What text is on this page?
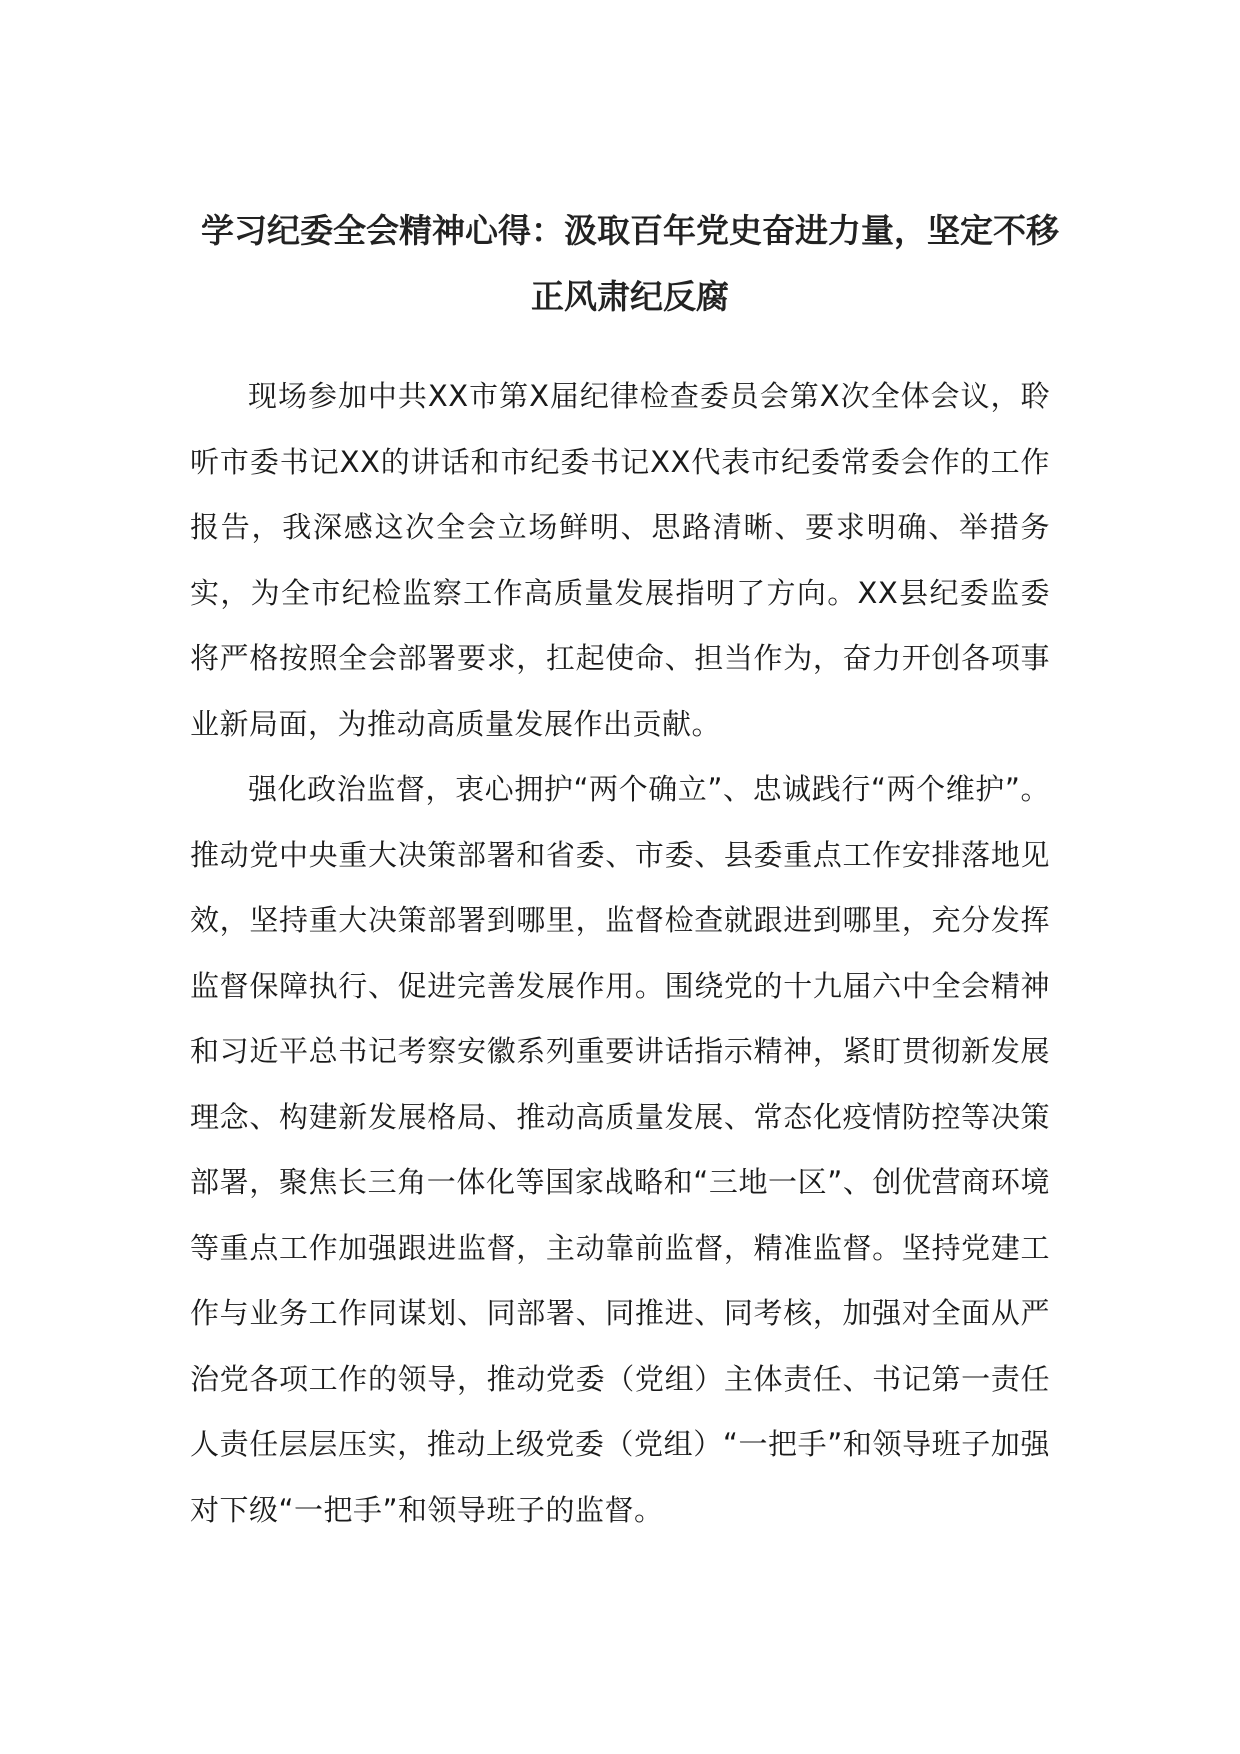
学习纪委全会精神心得：汲取百年党史奋进力量，坚定不移正风肃纪反腐

现场参加中共XX市第X届纪律检查委员会第X次全体会议，聆听市委书记XX的讲话和市纪委书记XX代表市纪委常委会作的工作报告，我深感这次全会立场鲜明、思路清晰、要求明确、举措务实，为全市纪检监察工作高质量发展指明了方向。XX县纪委监委将严格按照全会部署要求，扛起使命、担当作为，奋力开创各项事业新局面，为推动高质量发展作出贡献。

强化政治监督，衷心拥护“两个确立”、忠诚践行“两个维护”。推动党中央重大决策部署和省委、市委、县委重点工作安排落地见效，坚持重大决策部署到哪里，监督检查就跟进到哪里，充分发挥监督保障执行、促进完善发展作用。围绕党的十九届六中全会精神和习近平总书记考察安徽系列重要讲话指示精神，紧盯贯彻新发展理念、构建新发展格局、推动高质量发展、常态化疫情防控等决策部署，聚焦长三角一体化等国家战略和“三地一区”、创优营商环境等重点工作加强跟进监督，主动靠前监督，精准监督。坚持党建工作与业务工作同谋划、同部署、同推进、同考核，加强对全面从严治党各项工作的领导，推动党委（党组）主体责任、书记第一责任人责任层层压实，推动上级党委（党组）“一把手”和领导班子加强对下级“一把手”和领导班子的监督。
